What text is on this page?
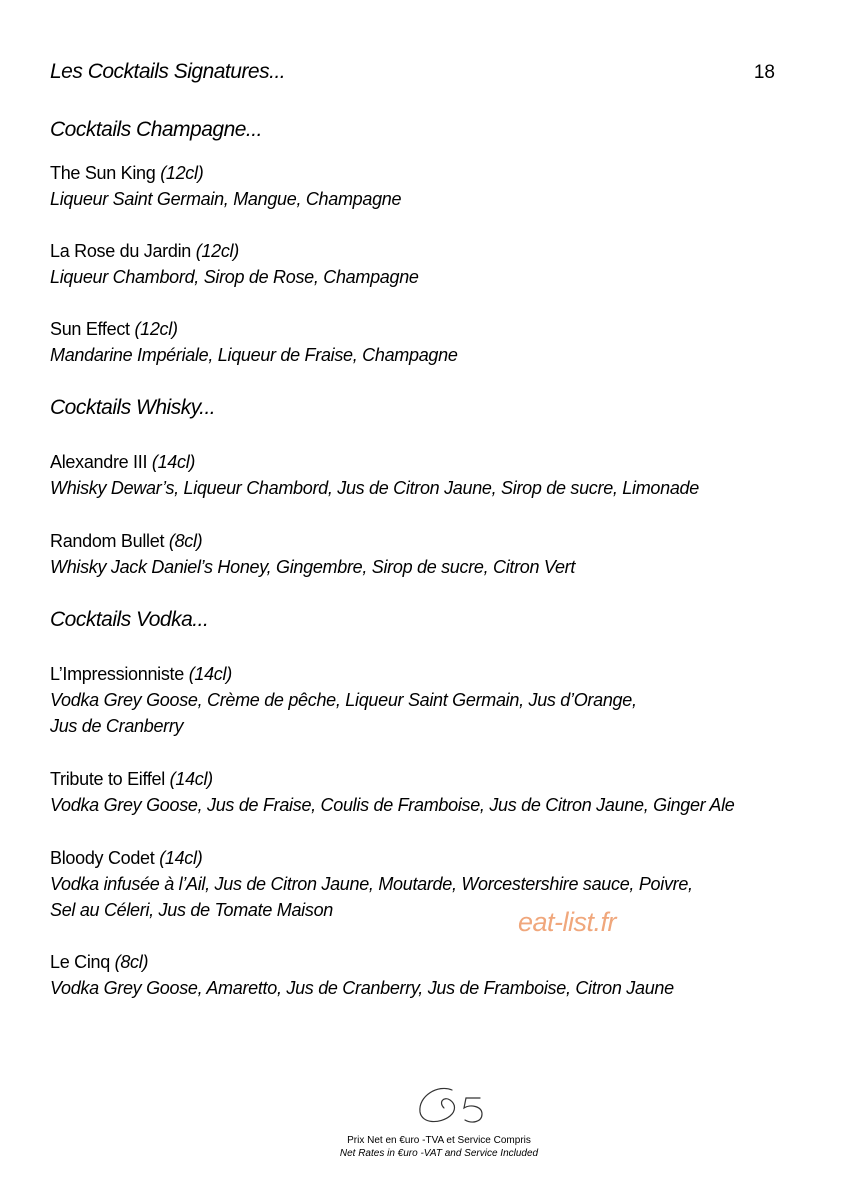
Les Cocktails Signatures...	18
Cocktails Champagne...
The Sun King (12cl)
Liqueur Saint Germain, Mangue, Champagne
La Rose du Jardin (12cl)
Liqueur Chambord, Sirop de Rose, Champagne
Sun Effect (12cl)
Mandarine Impériale, Liqueur de Fraise, Champagne
Cocktails Whisky...
Alexandre III (14cl)
Whisky Dewar’s, Liqueur Chambord, Jus de Citron Jaune, Sirop de sucre, Limonade
Random Bullet (8cl)
Whisky Jack Daniel’s Honey, Gingembre, Sirop de sucre, Citron Vert
Cocktails Vodka...
L’Impressionniste (14cl)
Vodka Grey Goose, Crème de pêche, Liqueur Saint Germain, Jus d’Orange,
Jus de Cranberry
Tribute to Eiffel (14cl)
Vodka Grey Goose, Jus de Fraise, Coulis de Framboise, Jus de Citron Jaune, Ginger Ale
Bloody Codet (14cl)
Vodka infusée à l’Ail, Jus de Citron Jaune, Moutarde, Worcestershire sauce, Poivre,
Sel au Céleri, Jus de Tomate Maison	eat-list.fr
Le Cinq (8cl)
Vodka Grey Goose, Amaretto, Jus de Cranberry, Jus de Framboise, Citron Jaune
Prix Net en €uro -TVA et Service Compris
Net Rates in €uro -VAT and Service Included
